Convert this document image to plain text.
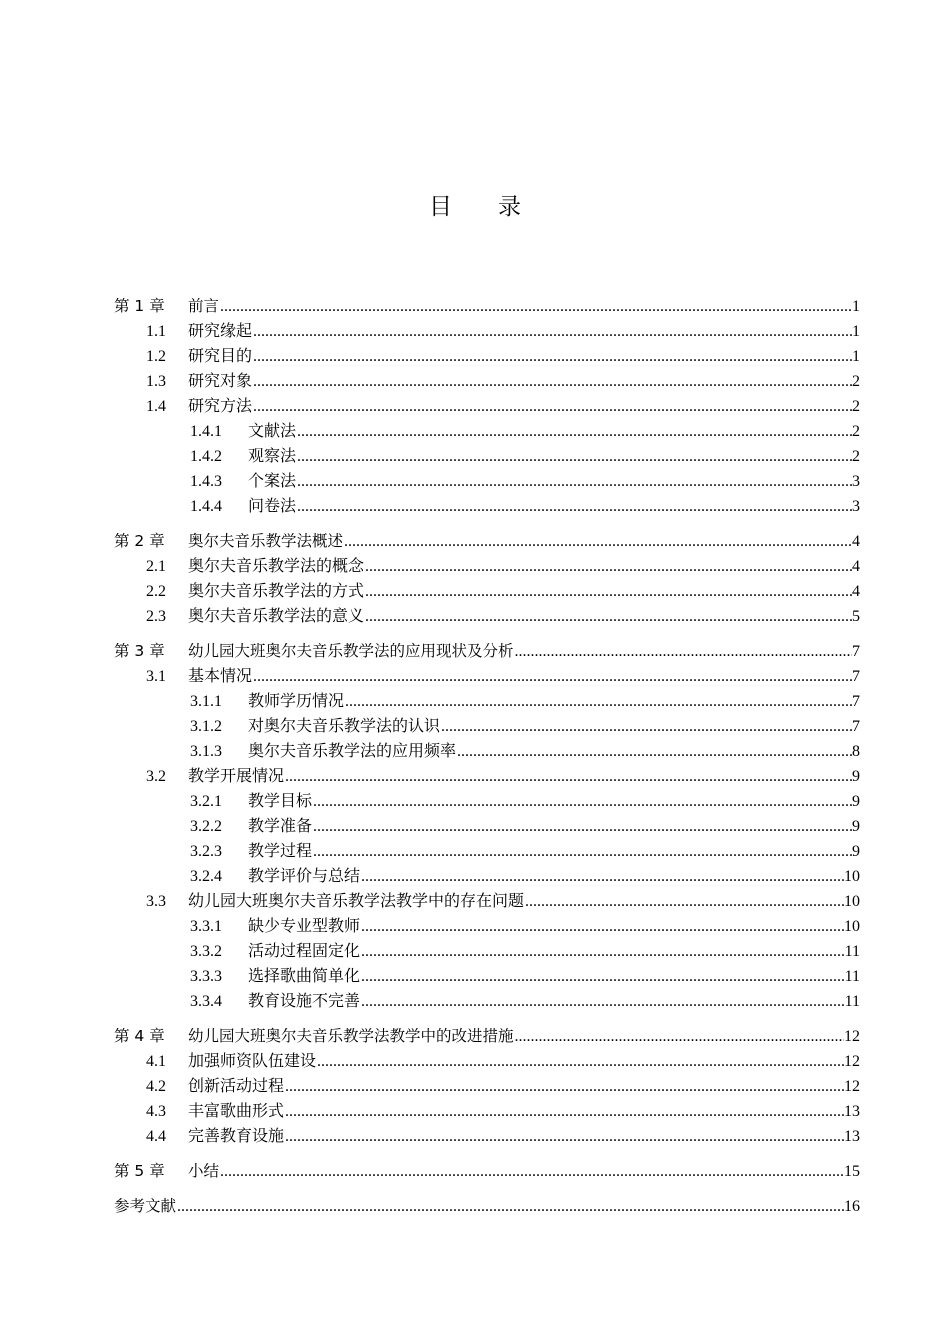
目 录
第 1 章 前言 .....	1
1.1 研究缘起 .....	1
1.2 研究目的 .....	1
1.3 研究对象 .....	2
1.4 研究方法 .....	2
1.4.1 文献法 .....	2
1.4.2 观察法 .....	2
1.4.3 个案法 .....	3
1.4.4 问卷法 .....	3
第 2 章 奥尔夫音乐教学法概述 .....	4
2.1 奥尔夫音乐教学法的概念 .....	4
2.2 奥尔夫音乐教学法的方式 .....	4
2.3 奥尔夫音乐教学法的意义 .....	5
第 3 章 幼儿园大班奥尔夫音乐教学法的应用现状及分析 .....	7
3.1 基本情况 .....	7
3.1.1 教师学历情况 .....	7
3.1.2 对奥尔夫音乐教学法的认识 .....	7
3.1.3 奥尔夫音乐教学法的应用频率 .....	8
3.2 教学开展情况 .....	9
3.2.1 教学目标 .....	9
3.2.2 教学准备 .....	9
3.2.3 教学过程 .....	9
3.2.4 教学评价与总结 .....	10
3.3 幼儿园大班奥尔夫音乐教学法教学中的存在问题 .....	10
3.3.1 缺少专业型教师 .....	10
3.3.2 活动过程固定化 .....	11
3.3.3 选择歌曲简单化 .....	11
3.3.4 教育设施不完善 .....	11
第 4 章 幼儿园大班奥尔夫音乐教学法教学中的改进措施 .....	12
4.1 加强师资队伍建设 .....	12
4.2 创新活动过程 .....	12
4.3 丰富歌曲形式 .....	13
4.4 完善教育设施 .....	13
第 5 章 小结 .....	15
参考文献 .....	16
